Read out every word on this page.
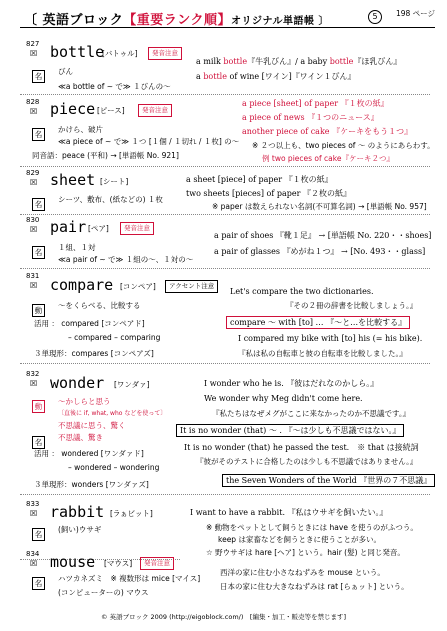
〔 英語ブロック【重要ランク順】オリジナル単語帳 〕	5	198 ページ
827
☒ bottle
[バトゥル]	発音注意
名
びん
≪a bottle of ~ で≫ １びんの～
a milk bottle『牛乳びん』/ a baby bottle『ほ乳びん』
a bottle of wine [ワイン]『ワイン１びん』
828
☒ piece [ピース]	発音注意
名
かけら、破片
≪a piece of ~ で≫ １つ [１個 / １切れ / １枚] の～
同音語：peace (平和) → [単語帳 No. 921]
a piece [sheet] of paper 『１枚の紙』
a piece of news 『１つのニュース』
another piece of cake 『ケーキをもう１つ』
※ ２つ以上も、two pieces of ～ のようにあらわす。
例 two pieces of cake『ケーキ２つ』
829
☒ sheet [シート]
名
シーツ、敷布、(紙などの) １枚
a sheet [piece] of paper 『１枚の紙』
two sheets [pieces] of paper 『２枚の紙』
※ paper は数えられない名詞(不可算名詞) → [単語帳 No. 957]
830
☒ pair [ペア]	発音注意
名
１組、１対
≪a pair of ~ で≫ １組の～、１対の～
a pair of shoes 『靴１足』 → [単語帳 No. 220・・shoes]
a pair of glasses 『めがね１つ』 → [No. 493・・glass]
831
☒ compare [コンペア]	アクセント注意
動
～をくらべる、比較する
活用 ： compared [コンペアド]
– compared – comparing
３単現形：compares [コンペアズ]
Let's compare the two dictionaries.
『その２冊の辞書を比較しましょう。』
compare ～ with [to] … 『～と…を比較する』
I compared my bike with [to] his (= his bike).
『私は私の自転車と彼の自転車を比較しました。』
832
☒ wonder [ワンダァ]
動
～かしらと思う
〔直後に if, what, who などを使って〕
不思議に思う、驚く
名
不思議、驚き
活用 ： wondered [ワンダァド]
– wondered – wondering
３単現形：wonders [ワンダァズ]
I wonder who he is. 『彼はだれなのかしら。』
We wonder why Meg didn't come here.
『私たちはなぜメグがここに来なかったのか不思議です。』
It is no wonder (that) ～ . 『～は少しも不思議ではない。』
It is no wonder (that) he passed the test.　※ that は接続詞
『彼がそのテストに合格したのは少しも不思議ではありません。』
the Seven Wonders of the World 『世界の７不思議』
833
☒ rabbit [ラぁビット]
名
(飼い)ウサギ
I want to have a rabbit. 『私はウサギを飼いたい。』
※ 動物をペットとして飼うときには have を使うのがふつう。
keep は家畜などを飼うときに使うことが多い。
☆ 野ウサギは hare [ヘア] という。hair (髪) と同じ発音。
834
☒ mouse [マウス]	発音注意
名
ハツカネズミ　※ 複数形は mice [マイス]
(コンピューターの) マウス
西洋の家に住む小さなねずみを mouse という。
日本の家に住む大きなねずみは rat [らぁット] という。
© 英語ブロック 2009 (http://eigoblock.com/)　[編集・加工・販売等を禁じます]
